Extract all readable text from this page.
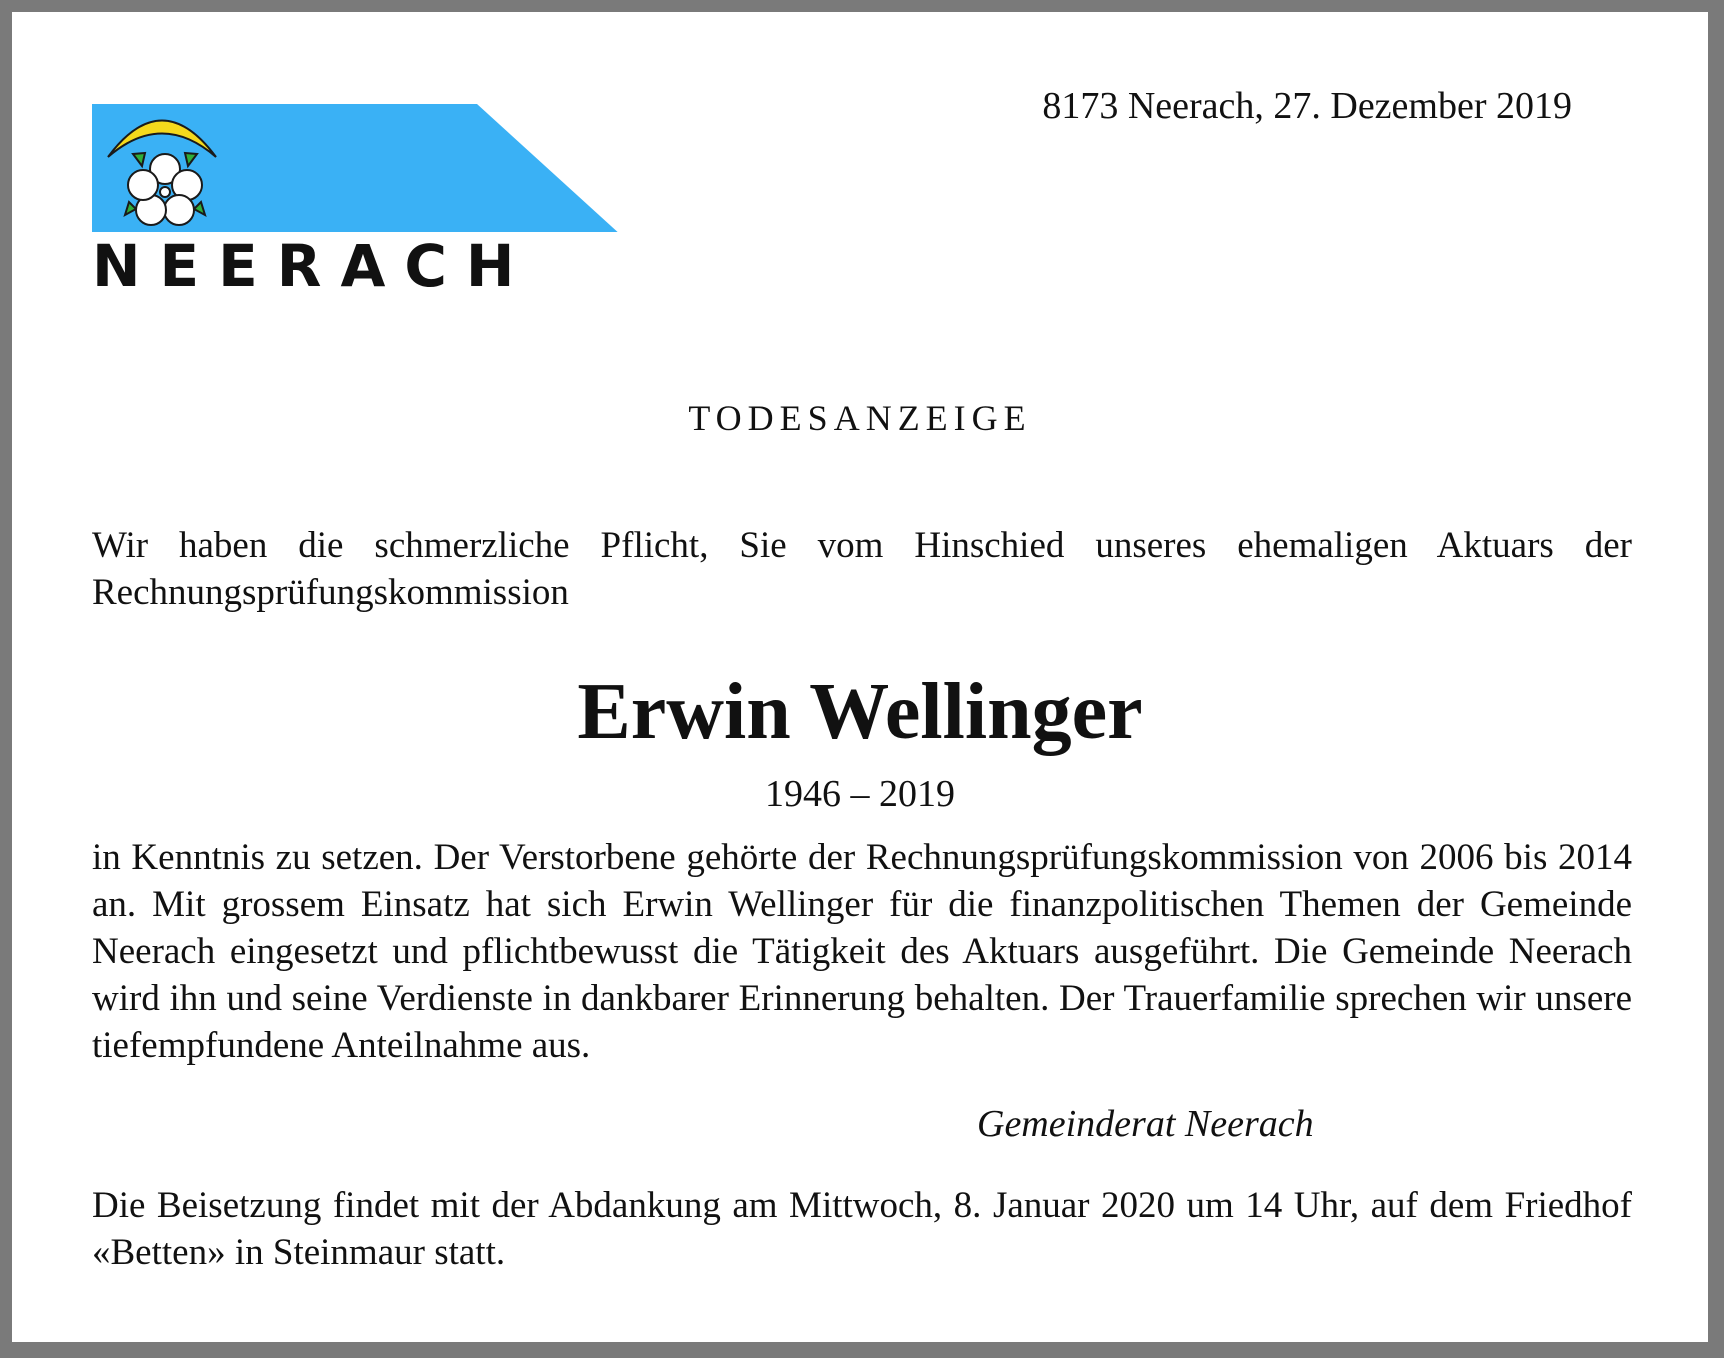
NEERACH
8173 Neerach, 27. Dezember 2019
TODESANZEIGE
Wir haben die schmerzliche Pflicht, Sie vom Hinschied unseres ehemaligen Aktuars der Rechnungsprüfungskommission
Erwin Wellinger
1946 – 2019
in Kenntnis zu setzen. Der Verstorbene gehörte der Rechnungsprüfungskommission von 2006 bis 2014 an. Mit grossem Einsatz hat sich Erwin Wellinger für die finanzpolitischen Themen der Gemeinde Neerach eingesetzt und pflichtbewusst die Tätigkeit des Aktuars ausgeführt. Die Gemeinde Neerach wird ihn und seine Verdienste in dankbarer Erinnerung behalten. Der Trauerfamilie sprechen wir unsere tiefempfundene Anteilnahme aus.
Gemeinderat Neerach
Die Beisetzung findet mit der Abdankung am Mittwoch, 8. Januar 2020 um 14 Uhr, auf dem Friedhof «Betten» in Steinmaur statt.
